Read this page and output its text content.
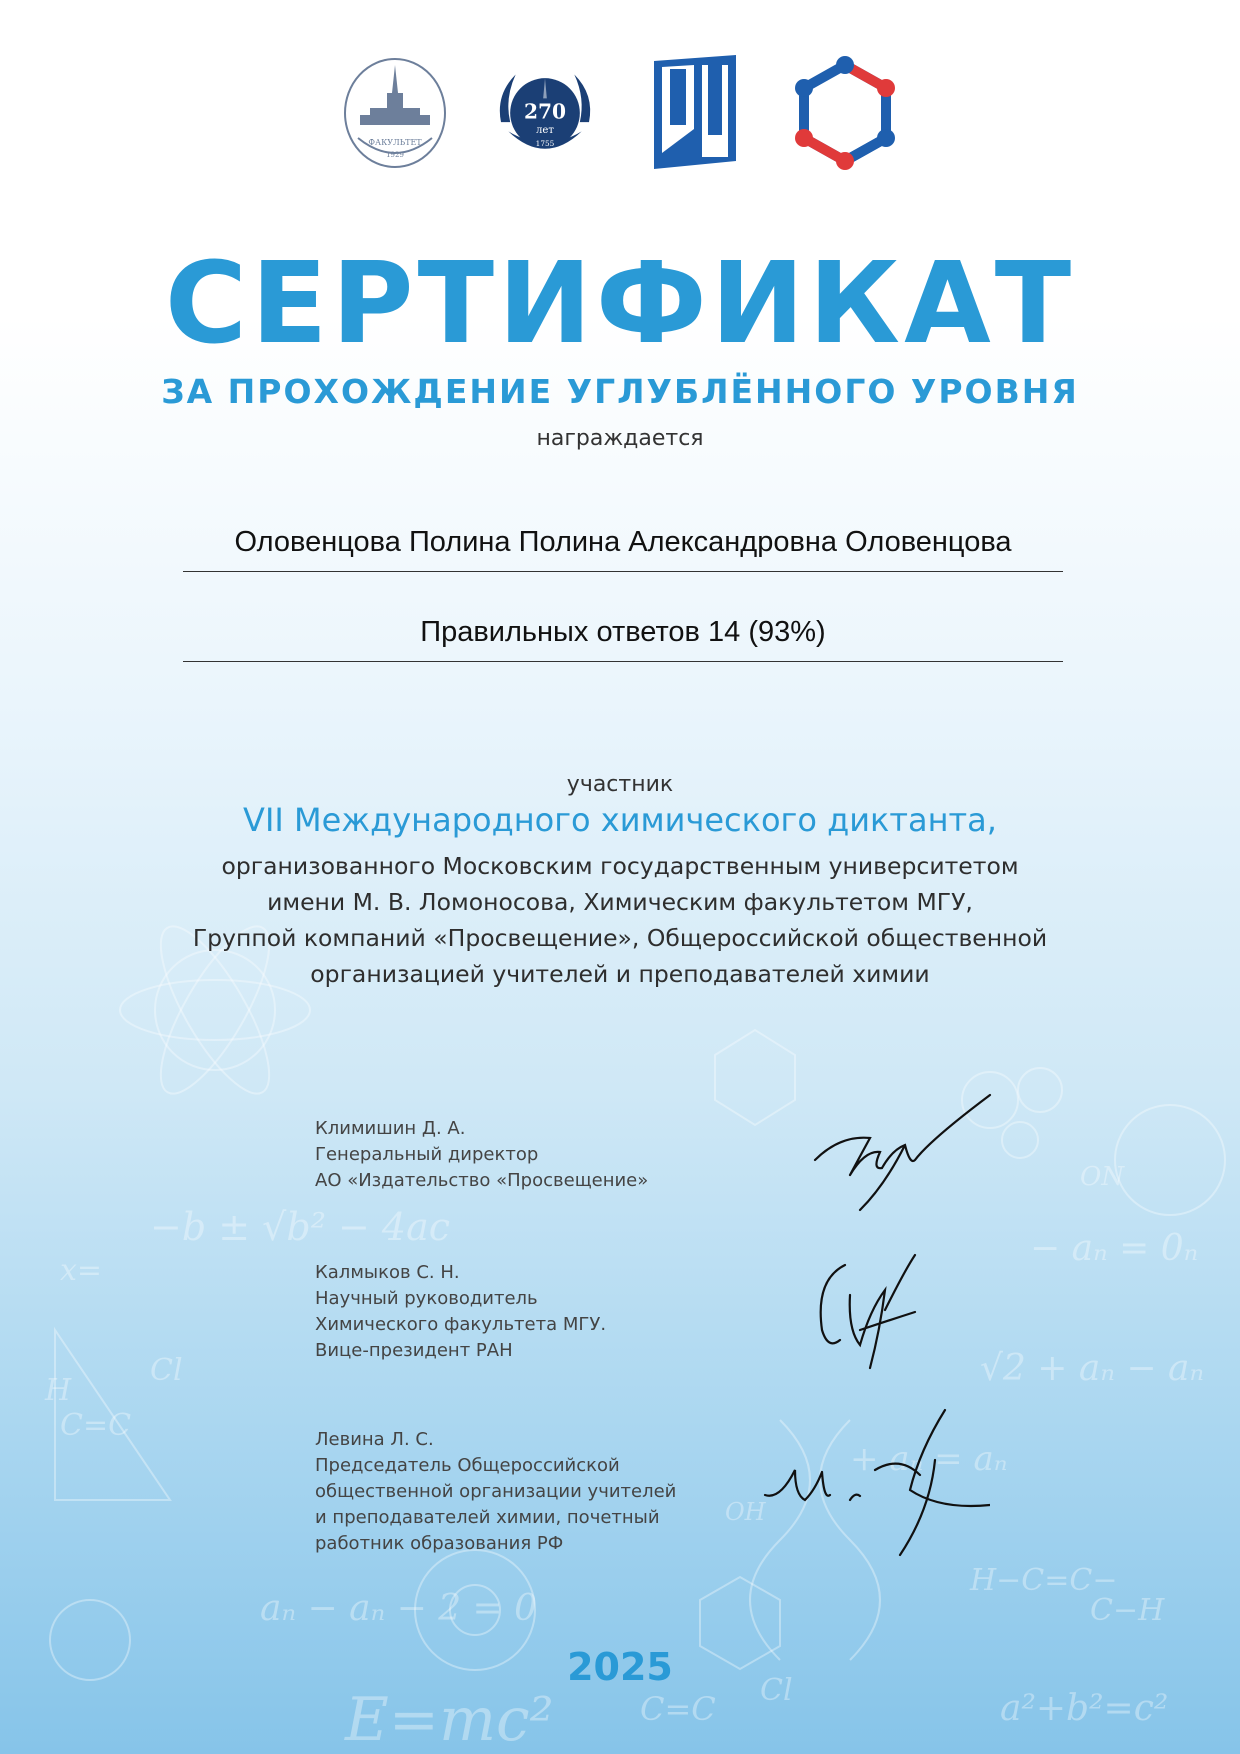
−b ± √b² − 4ac	− aₙ = 0ₙ
√2 + aₙ − aₙ
+ aₙ = aₙ
aₙ − aₙ − 2 = 0
E=mc²	a²+b²=c²
H
C=C
Cl
C=C Cl
H−C=C−
C−H
x=
OH
ON
ХИМИЧЕСКИЙ
ФАКУЛЬТЕТ
1929
270
лет
1755
СЕРТИФИКАТ
ЗА ПРОХОЖДЕНИЕ УГЛУБЛЁННОГО УРОВНЯ
награждается
Оловенцова Полина Полина Александровна Оловенцова
Правильных ответов 14 (93%)
участник
VII Международного химического диктанта,
организованного Московским государственным университетом
имени М. В. Ломоносова, Химическим факультетом МГУ,
Группой компаний «Просвещение», Общероссийской общественной
организацией учителей и преподавателей химии
Климишин Д. А.
Генеральный директор
АО «Издательство «Просвещение»
Калмыков С. Н.
Научный руководитель
Химического факультета МГУ.
Вице-президент РАН
Левина Л. С.
Председатель Общероссийской
общественной организации учителей
и преподавателей химии, почетный
работник образования РФ
2025
